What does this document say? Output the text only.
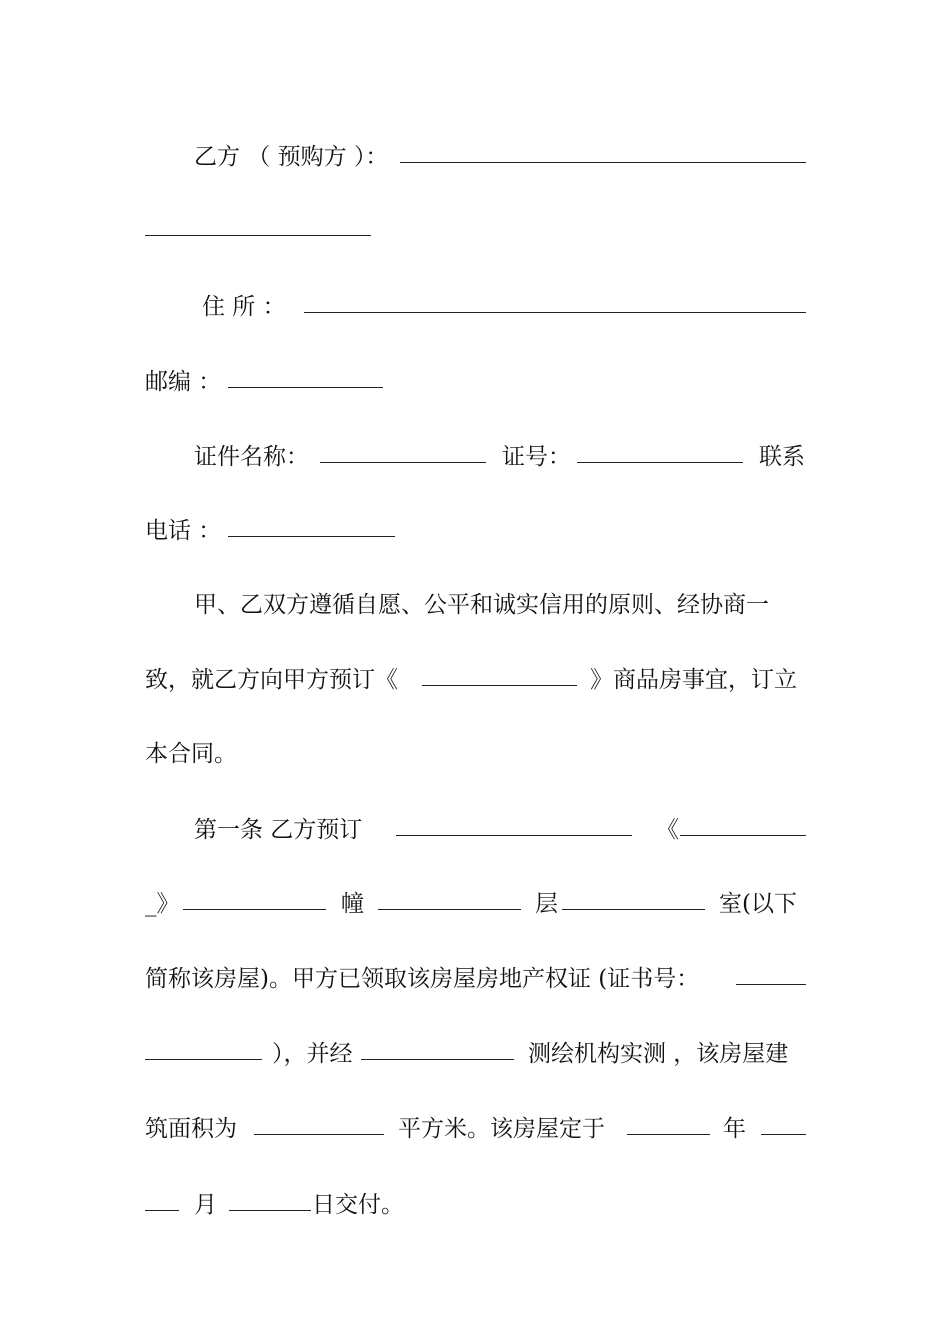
乙方 （ 预购方 ）：
住 所 ：
邮编 ：
证件名称：	证号：	联系
电话 ：
甲、乙双方遵循自愿、公平和诚实信用的原则、经协商一
致，就乙方向甲方预订《	》商品房事宜，订立
本合同。
第一条 乙方预订	《
_》	幢	层	室(以下
简称该房屋)。甲方已领取该房屋房地产权证 (证书号：
），并经	测绘机构实测 ，该房屋建
筑面积为	平方米。该房屋定于	年
月	日交付。
